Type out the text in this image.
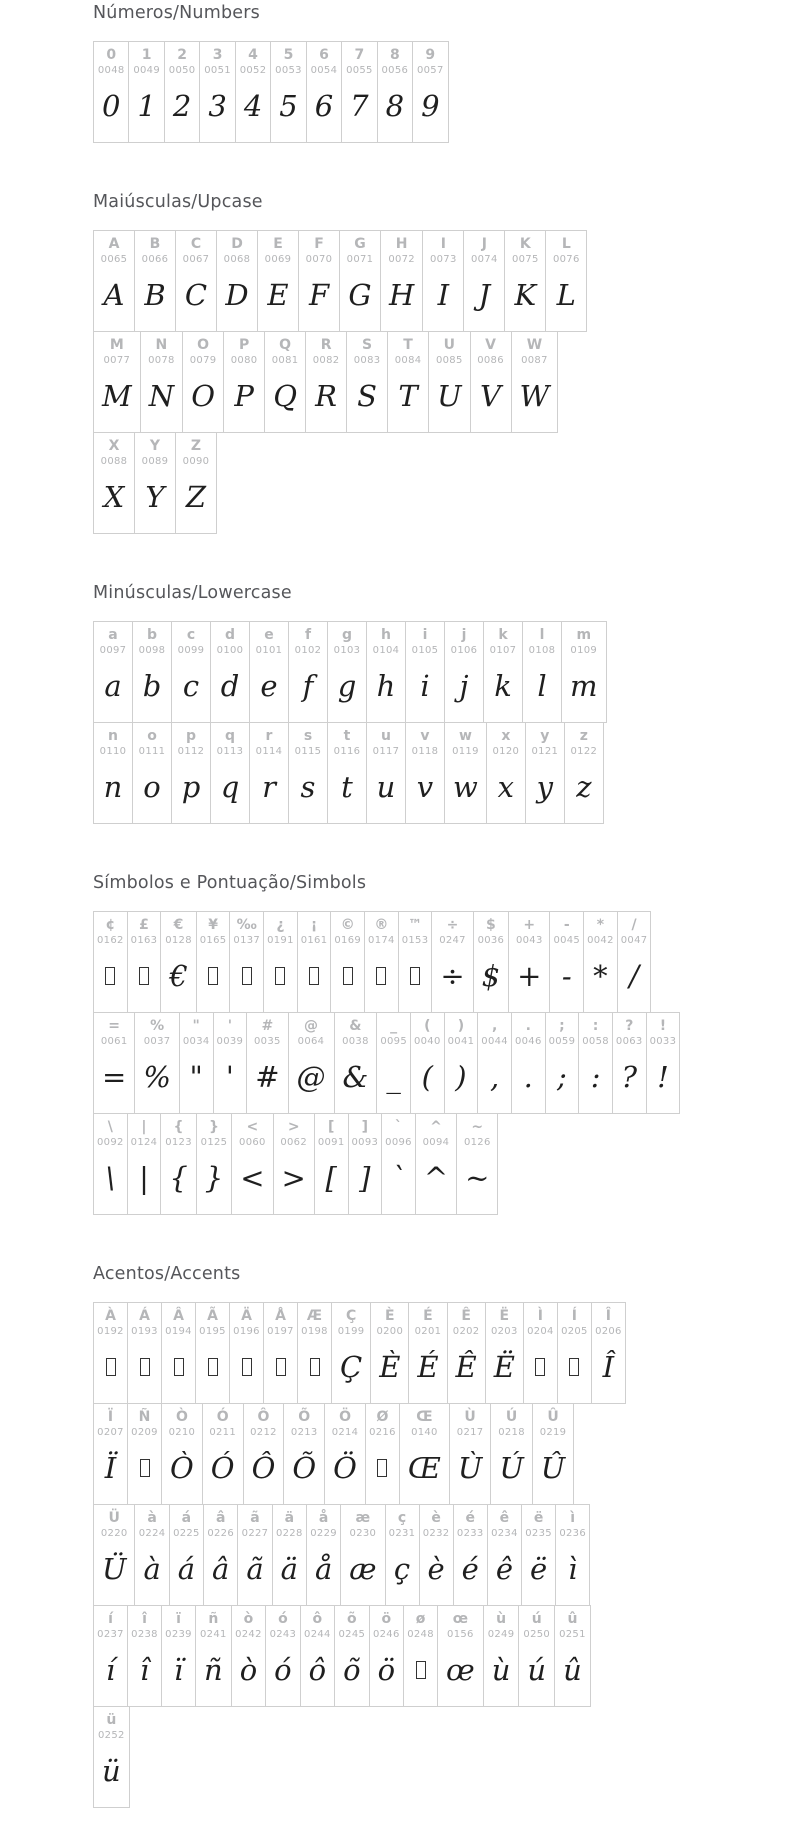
Números/Numbers
0
0048
0
1
0049
1
2
0050
2
3
0051
3
4
0052
4
5
0053
5
6
0054
6
7
0055
7
8
0056
8
9
0057
9
Maiúsculas/Upcase
A
0065
A
B
0066
B
C
0067
C
D
0068
D
E
0069
E
F
0070
F
G
0071
G
H
0072
H
I
0073
I
J
0074
J
K
0075
K
L
0076
L
M
0077
M
N
0078
N
O
0079
O
P
0080
P
Q
0081
Q
R
0082
R
S
0083
S
T
0084
T
U
0085
U
V
0086
V
W
0087
W
X
0088
X
Y
0089
Y
Z
0090
Z
Minúsculas/Lowercase
a
0097
a
b
0098
b
c
0099
c
d
0100
d
e
0101
e
f
0102
f
g
0103
g
h
0104
h
i
0105
i
j
0106
j
k
0107
k
l
0108
l
m
0109
m
n
0110
n
o
0111
o
p
0112
p
q
0113
q
r
0114
r
s
0115
s
t
0116
t
u
0117
u
v
0118
v
w
0119
w
x
0120
x
y
0121
y
z
0122
z
Símbolos e Pontuação/Simbols
¢
0162
£
0163
€
0128
€
¥
0165
‰
0137
¿
0191
¡
0161
©
0169
®
0174
™
0153
÷
0247
÷
$
0036
$
+
0043
+
-
0045
-
*
0042
*
/
0047
/
=
0061
=
%
0037
%
"
0034
"
'
0039
'
#
0035
#
@
0064
@
&
0038
&
_
0095
_
(
0040
(
)
0041
)
,
0044
,
.
0046
.
;
0059
;
:
0058
:
?
0063
?
!
0033
!
\
0092
\
|
0124
|
{
0123
{
}
0125
}
<
0060
<
>
0062
>
[
0091
[
]
0093
]
`
0096
`
^
0094
^
~
0126
~
Acentos/Accents
À
0192
Á
0193
Â
0194
Ã
0195
Ä
0196
Å
0197
Æ
0198
Ç
0199
Ç
È
0200
È
É
0201
É
Ê
0202
Ê
Ë
0203
Ë
Ì
0204
Í
0205
Î
0206
Î
Ï
0207
Ï
Ñ
0209
Ò
0210
Ò
Ó
0211
Ó
Ô
0212
Ô
Õ
0213
Õ
Ö
0214
Ö
Ø
0216
Œ
0140
Œ
Ù
0217
Ù
Ú
0218
Ú
Û
0219
Û
Ü
0220
Ü
à
0224
à
á
0225
á
â
0226
â
ã
0227
ã
ä
0228
ä
å
0229
å
æ
0230
æ
ç
0231
ç
è
0232
è
é
0233
é
ê
0234
ê
ë
0235
ë
ì
0236
ì
í
0237
í
î
0238
î
ï
0239
ï
ñ
0241
ñ
ò
0242
ò
ó
0243
ó
ô
0244
ô
õ
0245
õ
ö
0246
ö
ø
0248
œ
0156
œ
ù
0249
ù
ú
0250
ú
û
0251
û
ü
0252
ü
